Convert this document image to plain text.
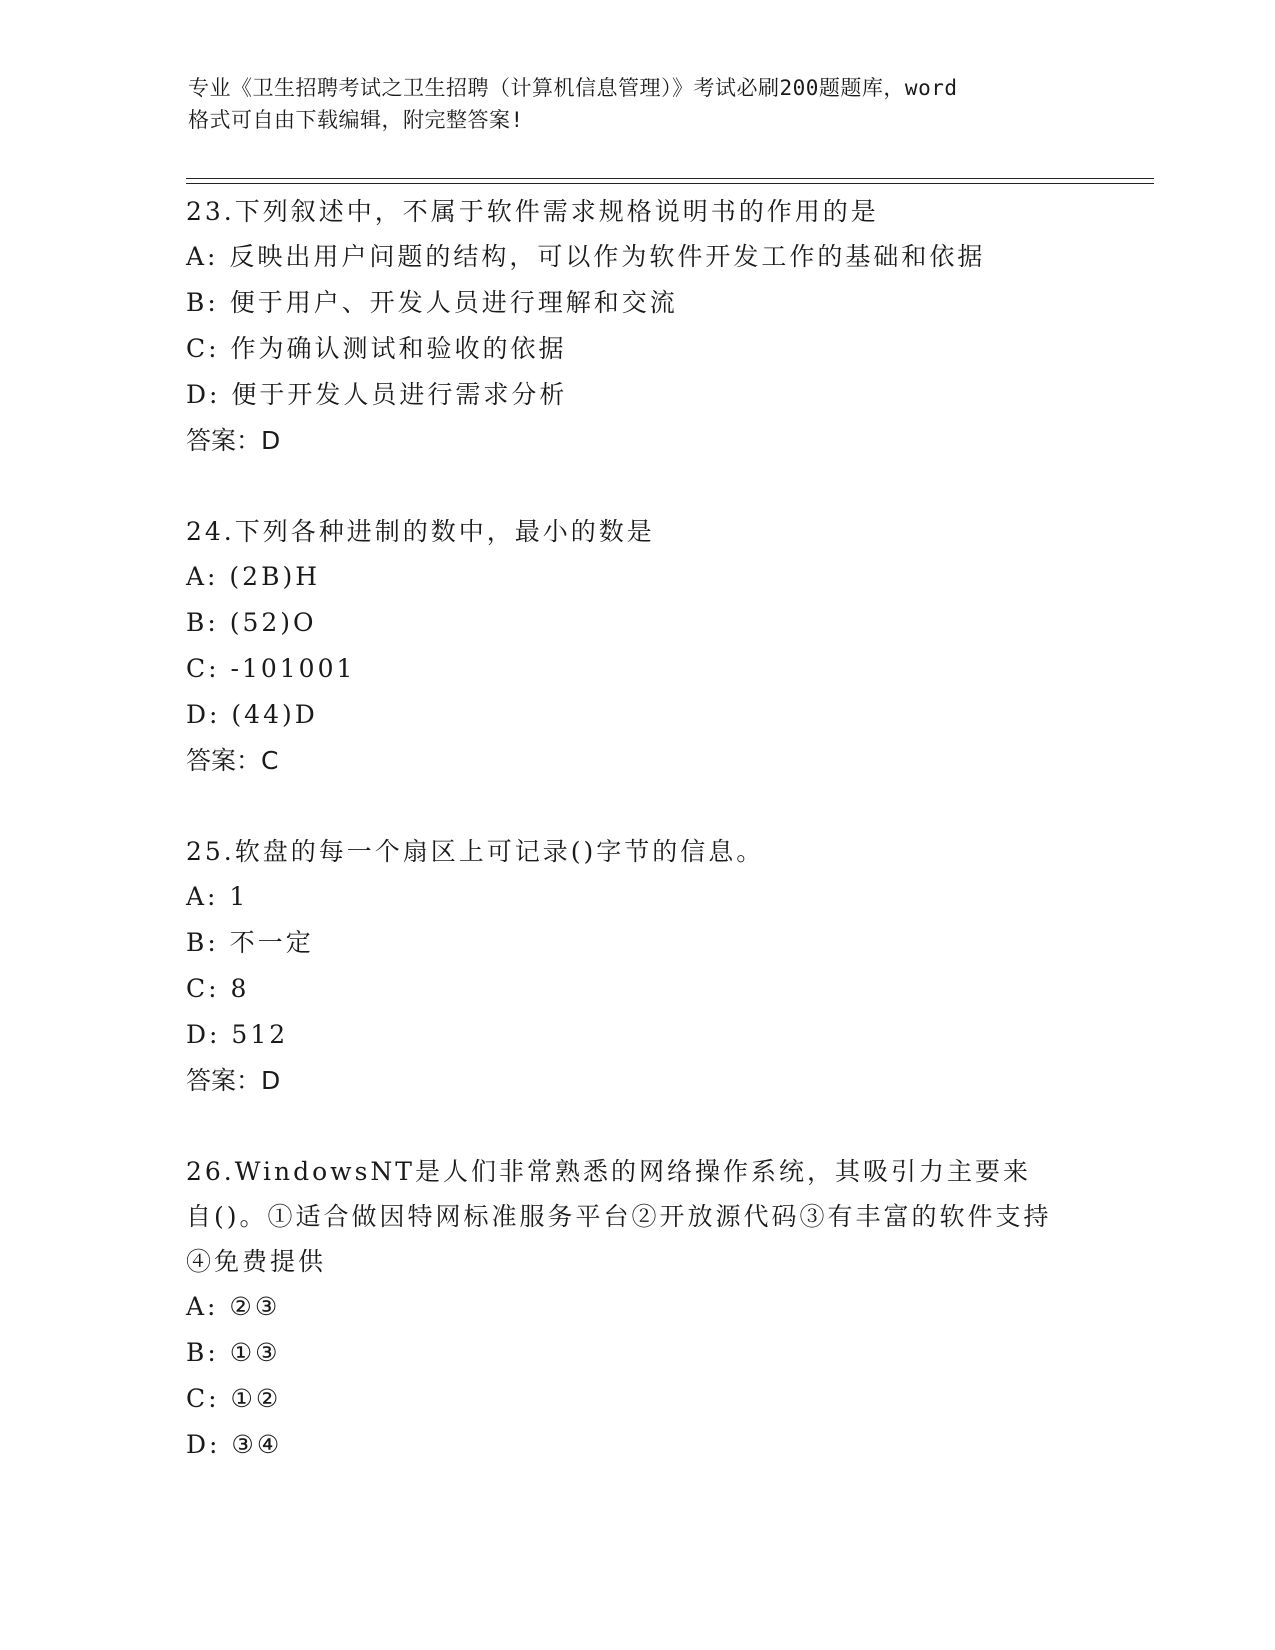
专业《卫生招聘考试之卫生招聘（计算机信息管理）》考试必刷200题题库，word
格式可自由下载编辑，附完整答案!
23.下列叙述中，不属于软件需求规格说明书的作用的是
A: 反映出用户问题的结构，可以作为软件开发工作的基础和依据
B: 便于用户、开发人员进行理解和交流
C: 作为确认测试和验收的依据
D: 便于开发人员进行需求分析
答案：D
24.下列各种进制的数中，最小的数是
A: (2B)H
B: (52)O
C: -101001
D: (44)D
答案：C
25.软盘的每一个扇区上可记录()字节的信息。
A: 1
B: 不一定
C: 8
D: 512
答案：D
26.WindowsNT是人们非常熟悉的网络操作系统，其吸引力主要来自()。①适合做因特网标准服务平台②开放源代码③有丰富的软件支持④免费提供
A: ②③
B: ①③
C: ①②
D: ③④
